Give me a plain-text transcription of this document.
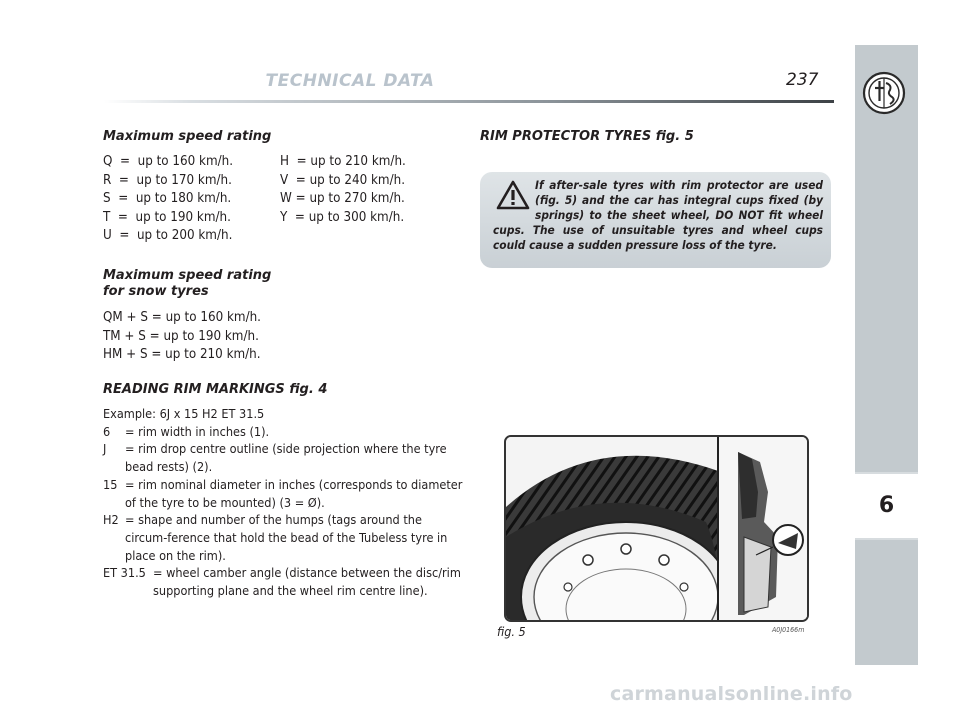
TECHNICAL DATA	237
6
Maximum speed rating
Q  =  up to 160 km/h.
R  =  up to 170 km/h.
S  =  up to 180 km/h.
T  =  up to 190 km/h.
U  =  up to 200 km/h.
H  = up to 210 km/h.
V  = up to 240 km/h.
W = up to 270 km/h.
Y  = up to 300 km/h.
Maximum speed rating
for snow tyres
QM + S = up to 160 km/h.
TM + S = up to 190 km/h.
HM + S = up to 210 km/h.
READING RIM MARKINGS fig. 4
Example: 6J x 15 H2 ET 31.5
6 = rim width in inches (1).
J = rim drop centre outline (side projection where the tyre bead rests) (2).
15 = rim nominal diameter in inches (corresponds to diameter of the tyre to be mounted) (3 = Ø).
H2 = shape and number of the humps (tags around the circum-ference that hold the bead of the Tubeless tyre in place on the rim).
ET 31.5 = wheel camber angle (distance between the disc/rim supporting plane and the wheel rim centre line).
RIM PROTECTOR TYRES fig. 5
If after-sale tyres with rim protector are used (fig. 5) and the car has integral cups fixed (by springs) to the sheet wheel, DO NOT fit wheel cups. The use of unsuitable tyres and wheel cups could cause a sudden pressure loss of the tyre.
fig. 5	A0J0166m
carmanualsonline.info
